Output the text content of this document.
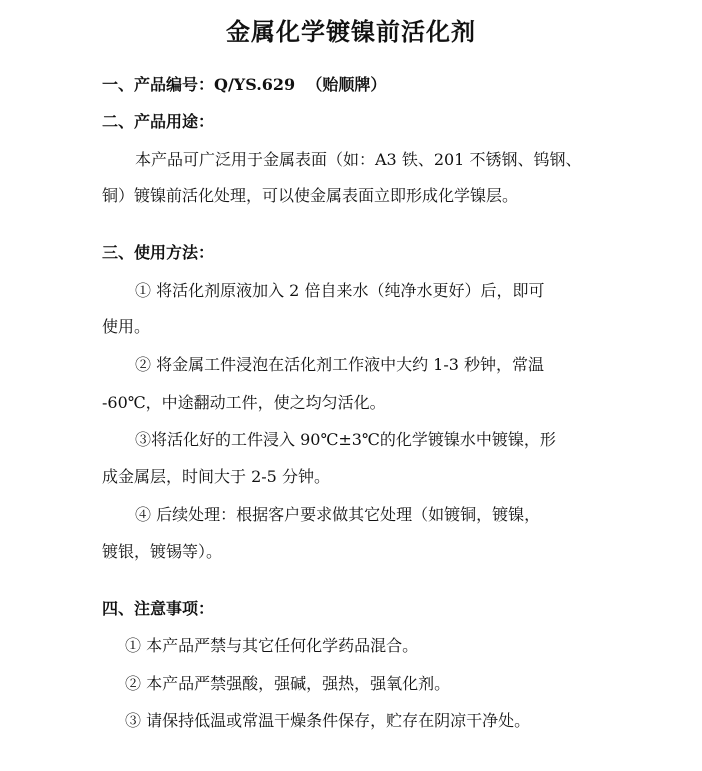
金属化学镀镍前活化剂
一、产品编号：Q/YS.629 （贻顺牌）
二、产品用途：
本产品可广泛用于金属表面（如：A3 铁、201 不锈钢、钨钢、
铜）镀镍前活化处理，可以使金属表面立即形成化学镍层。
三、使用方法：
① 将活化剂原液加入 2 倍自来水（纯净水更好）后，即可
使用。
② 将金属工件浸泡在活化剂工作液中大约 1-3 秒钟，常温
-60℃，中途翻动工件，使之均匀活化。
③将活化好的工件浸入 90℃±3℃的化学镀镍水中镀镍，形
成金属层，时间大于 2-5 分钟。
④ 后续处理：根据客户要求做其它处理（如镀铜，镀镍，
镀银，镀锡等）。
四、注意事项：
① 本产品严禁与其它任何化学药品混合。
② 本产品严禁强酸，强碱，强热，强氧化剂。
③ 请保持低温或常温干燥条件保存，贮存在阴凉干净处。
